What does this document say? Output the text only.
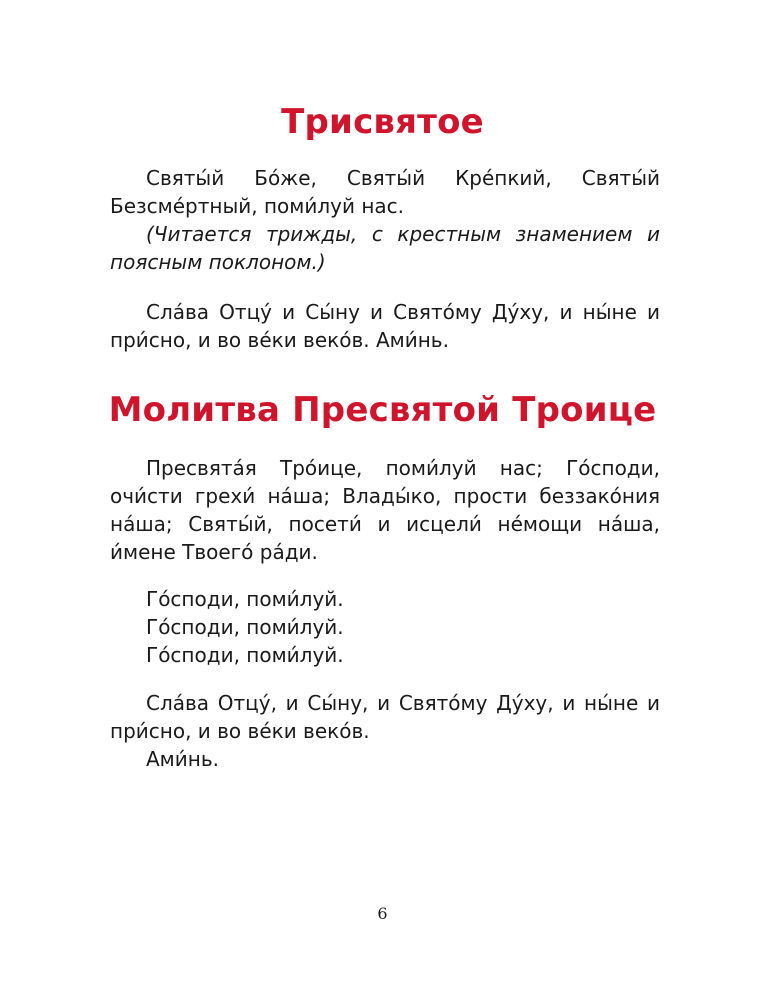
Трисвятое

Святы́й Бо́же, Святы́й Кре́пкий, Святы́й Безсме́ртный, поми́луй нас.

(Читается трижды, с крестным знамением и поясным поклоном.)

Сла́ва Отцу́ и Сы́ну и Свято́му Ду́ху, и ны́не и при́сно, и во ве́ки веко́в. Ами́нь.

Молитва Пресвятой Троице

Пресвята́я Тро́ице, поми́луй нас; Го́споди, очи́сти грехи́ на́ша; Влады́ко, прости беззако́ния на́ша; Святы́й, посети́ и исцели́ не́мощи на́ша, и́мене Твоего́ ра́ди.

Го́споди, поми́луй.
Го́споди, поми́луй.
Го́споди, поми́луй.

Сла́ва Отцу́, и Сы́ну, и Свято́му Ду́ху, и ны́не и при́сно, и во ве́ки веко́в.

Ами́нь.
6
